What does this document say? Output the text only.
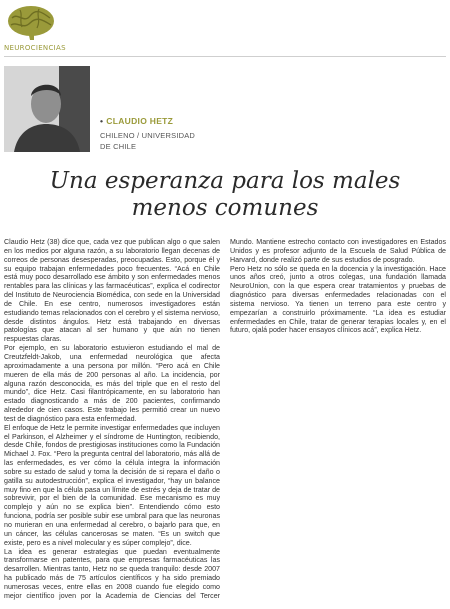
NEUROCIENCIAS
• CLAUDIO HETZ
CHILENO / UNIVERSIDAD
DE CHILE
Una esperanza para los males
menos comunes

Claudio Hetz (38) dice que, cada vez que publican algo o que salen en los medios por alguna razón, a su laboratorio llegan decenas de correos de personas desesperadas, preocupadas. Esto, porque él y su equipo trabajan enfermedades poco frecuentes. “Acá en Chile está muy poco desarrollado ese ámbito y son enfermedades menos rentables para las clínicas y las farmacéuticas”, explica el codirector del Instituto de Neurociencia Biomédica, con sede en la Universidad de Chile. En ese centro, numerosos investigadores están estudiando temas relacionados con el cerebro y el sistema nervioso, desde distintos ángulos. Hetz está trabajando en diversas patologías que atacan al ser humano y que aún no tienen respuestas claras.

Por ejemplo, en su laboratorio estuvieron estudiando el mal de Creutzfeldt-Jakob, una enfermedad neurológica que afecta aproximadamente a una persona por millón. “Pero acá en Chile mueren de ella más de 200 personas al año. La incidencia, por alguna razón desconocida, es más del triple que en el resto del mundo”, dice Hetz. Casi filantrópicamente, en su laboratorio han estado diagnosticando a más de 200 pacientes, confirmando alrededor de cien casos. Este trabajo les permitió crear un nuevo test de diagnóstico para esta enfermedad.

El enfoque de Hetz le permite investigar enfermedades que incluyen el Parkinson, el Alzheimer y el síndrome de Huntington, recibiendo, desde Chile, fondos de prestigiosas instituciones como la Fundación Michael J. Fox. “Pero la pregunta central del laboratorio, más allá de las enfermedades, es ver cómo la célula integra la información sobre su estado de salud y toma la decisión de si repara el daño o gatilla su autodestrucción”, explica el investigador, “hay un balance muy fino en que la célula pasa un límite de estrés y deja de tratar de sobrevivir, por el bien de la comunidad. Ese mecanismo es muy complejo y aún no se explica bien”. Entendiendo cómo esto funciona, podría ser posible subir ese umbral para que las neuronas no murieran en una enfermedad al cerebro, o bajarlo para que, en un cáncer, las células cancerosas se maten. “Es un switch que existe, pero es a nivel molecular y es súper complejo”, dice.

La idea es generar estrategias que puedan eventualmente transformarse en patentes, para que empresas farmacéuticas las desarrollen. Mientras tanto, Hetz no se queda tranquilo: desde 2007 ha publicado más de 75 artículos científicos y ha sido premiado numerosas veces, entre ellas en 2008 cuando fue elegido como mejor científico joven por la Academia de Ciencias del Tercer Mundo. Mantiene estrecho contacto con investigadores en Estados Unidos y es profesor adjunto de la Escuela de Salud Pública de Harvard, donde realizó parte de sus estudios de posgrado.

Pero Hetz no sólo se queda en la docencia y la investigación. Hace unos años creó, junto a otros colegas, una fundación llamada NeuroUnion, con la que espera crear tratamientos y pruebas de diagnóstico para diversas enfermedades relacionadas con el sistema nervioso. Ya tienen un terreno para este centro y empezarían a construirlo próximamente. “La idea es estudiar enfermedades en Chile, tratar de generar terapias locales y, en el futuro, ojalá poder hacer ensayos clínicos acá”, explica Hetz.
